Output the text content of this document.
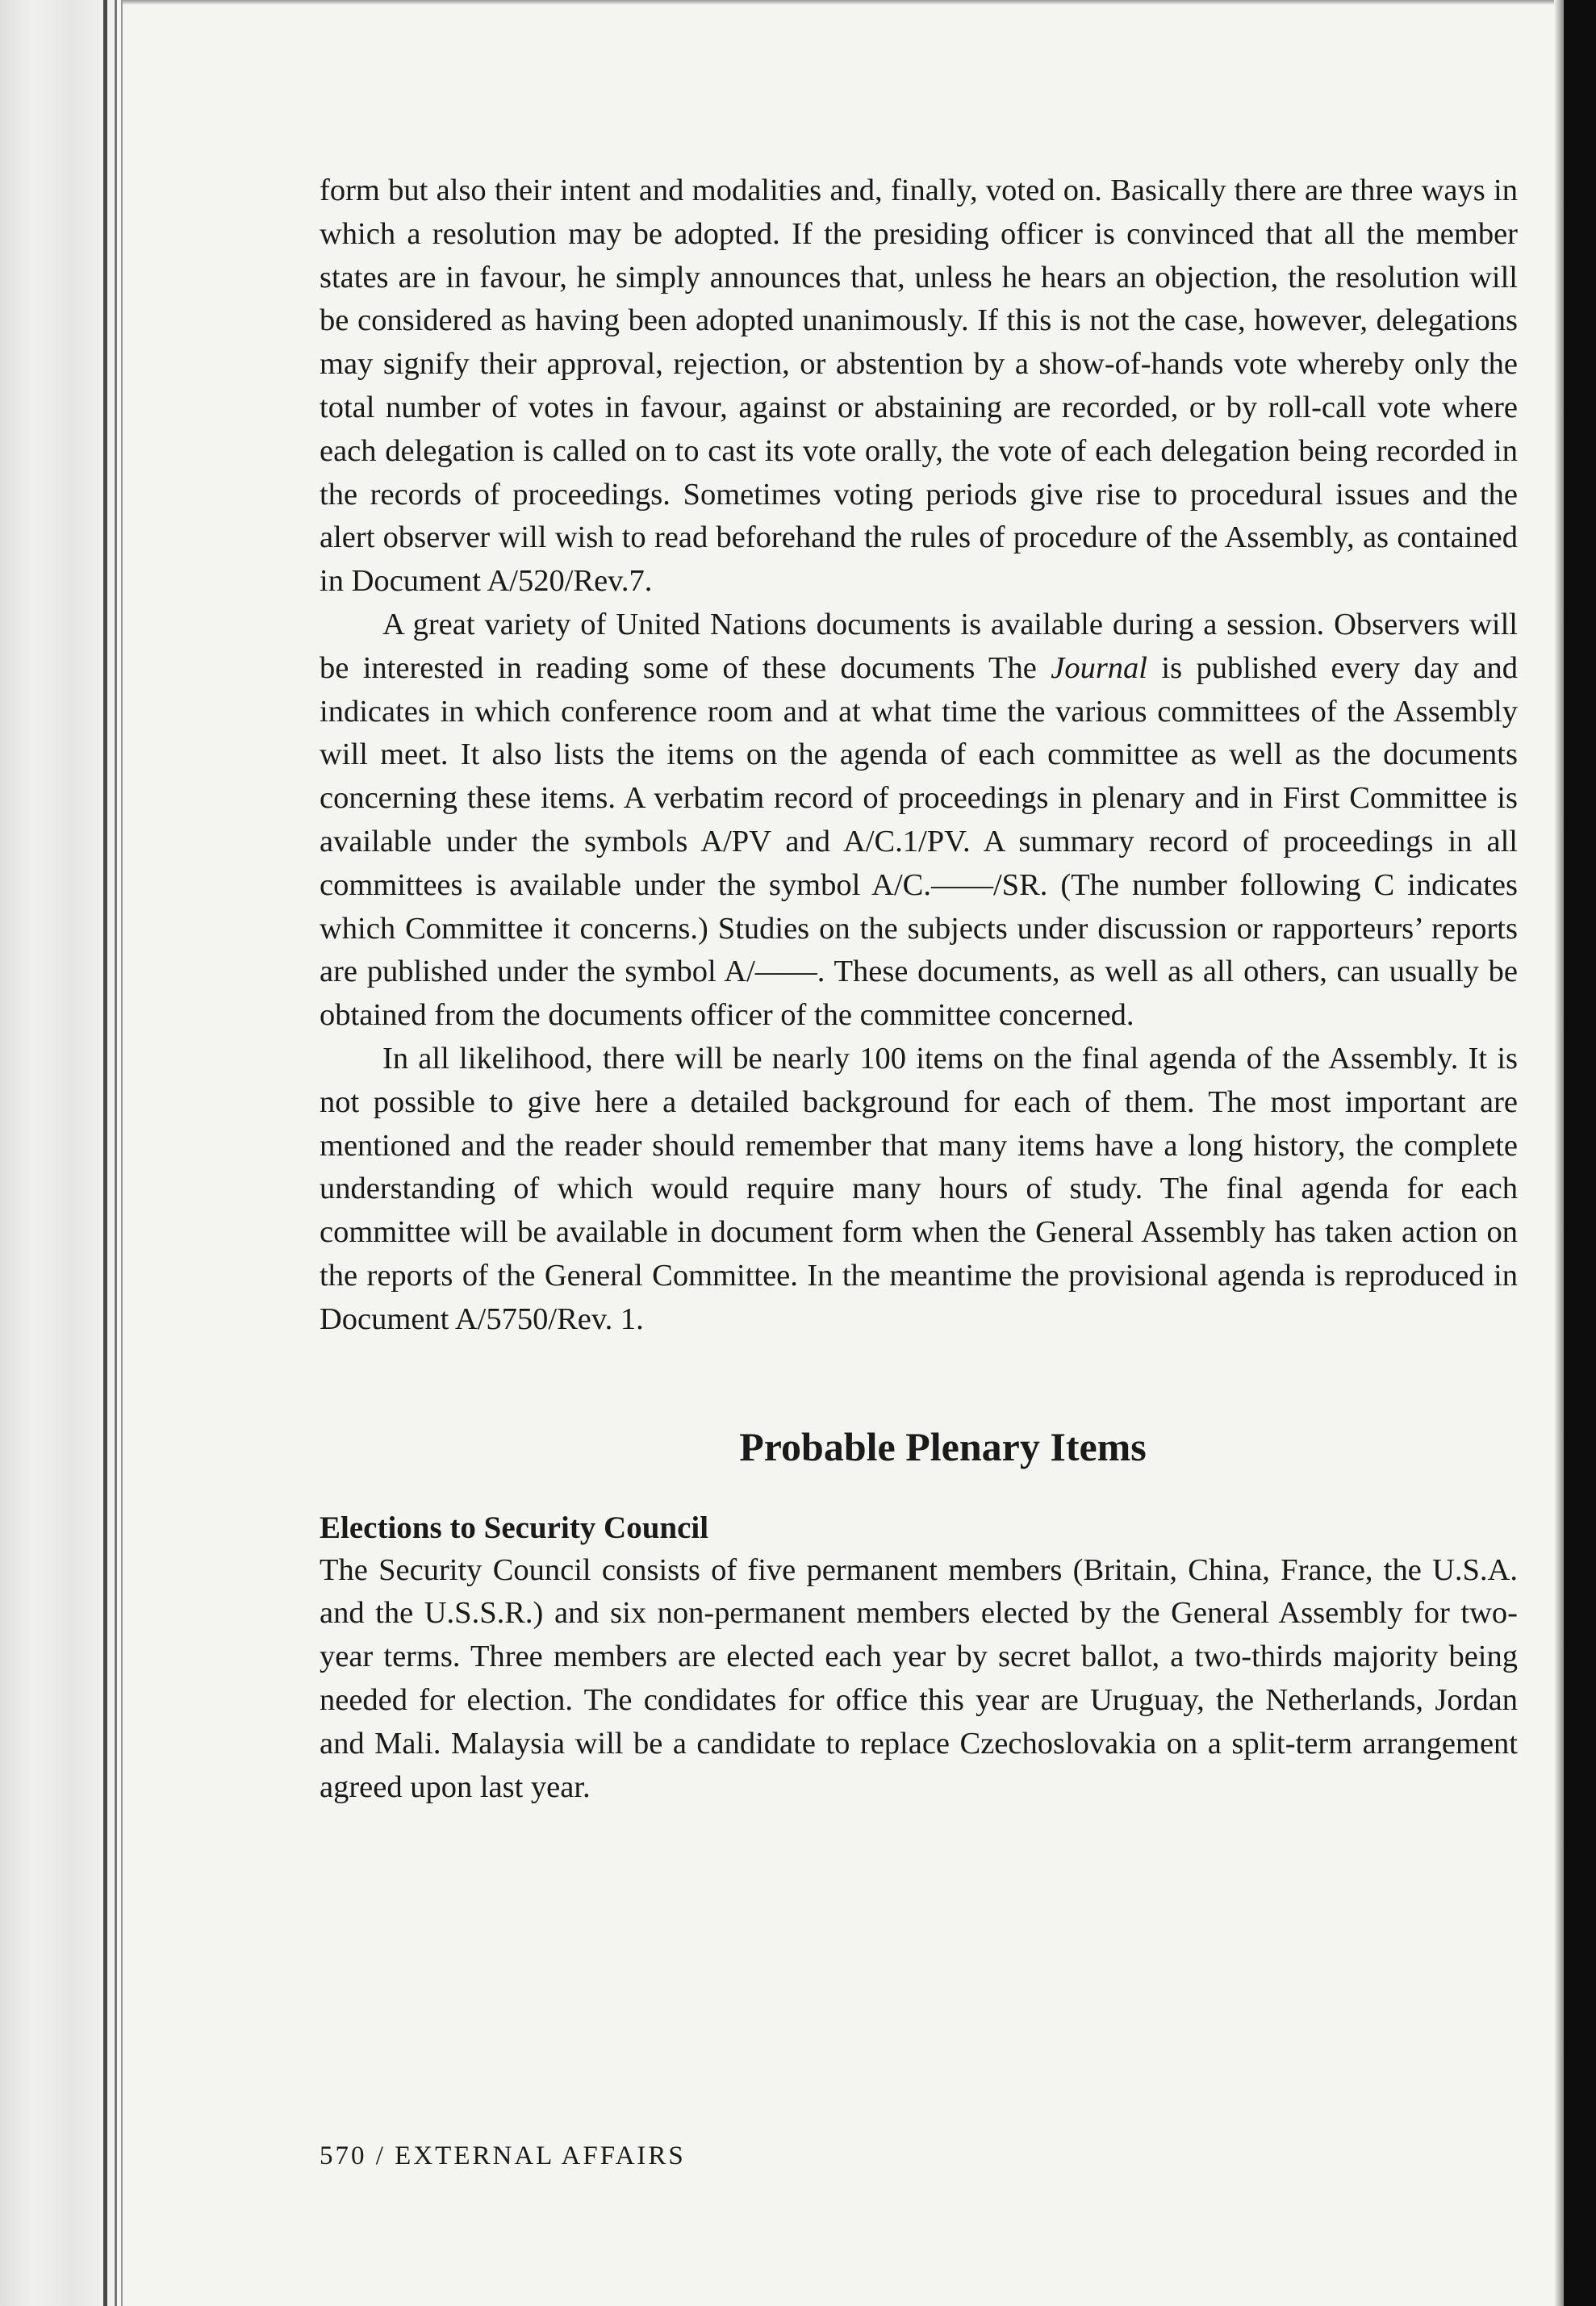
form but also their intent and modalities and, finally, voted on. Basically there are three ways in which a resolution may be adopted. If the presiding officer is convinced that all the member states are in favour, he simply announces that, unless he hears an objection, the resolution will be considered as having been adopted unanimously. If this is not the case, however, delegations may signify their approval, rejection, or abstention by a show-of-hands vote whereby only the total number of votes in favour, against or abstaining are recorded, or by roll-call vote where each delegation is called on to cast its vote orally, the vote of each delegation being recorded in the records of proceedings. Sometimes voting periods give rise to procedural issues and the alert observer will wish to read beforehand the rules of procedure of the Assembly, as contained in Document A/520/Rev.7.

A great variety of United Nations documents is available during a session. Observers will be interested in reading some of these documents The Journal is published every day and indicates in which conference room and at what time the various committees of the Assembly will meet. It also lists the items on the agenda of each committee as well as the documents concerning these items. A verbatim record of proceedings in plenary and in First Committee is available under the symbols A/PV and A/C.1/PV. A summary record of proceedings in all committees is available under the symbol A/C.——/SR. (The number following C indicates which Committee it concerns.) Studies on the subjects under discussion or rapporteurs’ reports are published under the symbol A/——. These documents, as well as all others, can usually be obtained from the documents officer of the committee concerned.

In all likelihood, there will be nearly 100 items on the final agenda of the Assembly. It is not possible to give here a detailed background for each of them. The most important are mentioned and the reader should remember that many items have a long history, the complete understanding of which would require many hours of study. The final agenda for each committee will be available in document form when the General Assembly has taken action on the reports of the General Committee. In the meantime the provisional agenda is reproduced in Document A/5750/Rev. 1.

Probable Plenary Items
Elections to Security Council

The Security Council consists of five permanent members (Britain, China, France, the U.S.A. and the U.S.S.R.) and six non-permanent members elected by the General Assembly for two-year terms. Three members are elected each year by secret ballot, a two-thirds majority being needed for election. The condidates for office this year are Uruguay, the Netherlands, Jordan and Mali. Malaysia will be a candidate to replace Czechoslovakia on a split-term arrangement agreed upon last year.

570 / EXTERNAL AFFAIRS
